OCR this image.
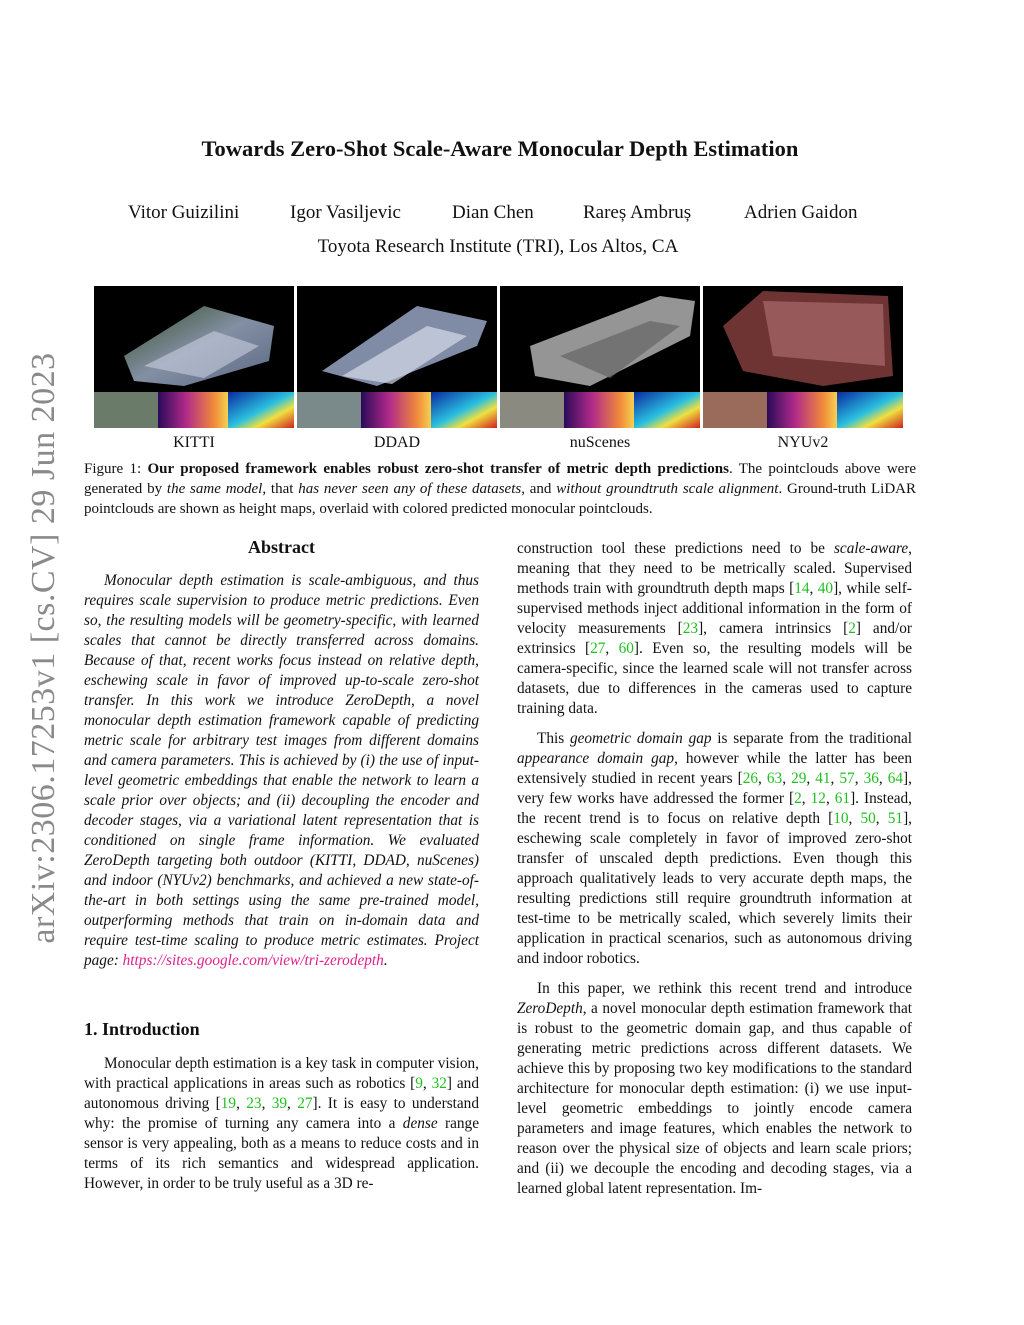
arXiv:2306.17253v1 [cs.CV] 29 Jun 2023
Towards Zero-Shot Scale-Aware Monocular Depth Estimation
Vitor Guizilini	Igor Vasiljevic	Dian Chen	Rareș Ambruș	Adrien Gaidon
Toyota Research Institute (TRI), Los Altos, CA
KITTI	DDAD	nuScenes	NYUv2
Figure 1: Our proposed framework enables robust zero-shot transfer of metric depth predictions. The pointclouds above were generated by the same model, that has never seen any of these datasets, and without groundtruth scale alignment. Ground-truth LiDAR pointclouds are shown as height maps, overlaid with colored predicted monocular pointclouds.
Abstract

Monocular depth estimation is scale-ambiguous, and thus requires scale supervision to produce metric predictions. Even so, the resulting models will be geometry-specific, with learned scales that cannot be directly transferred across domains. Because of that, recent works focus instead on relative depth, eschewing scale in favor of improved up-to-scale zero-shot transfer. In this work we introduce ZeroDepth, a novel monocular depth estimation framework capable of predicting metric scale for arbitrary test images from different domains and camera parameters. This is achieved by (i) the use of input-level geometric embeddings that enable the network to learn a scale prior over objects; and (ii) decoupling the encoder and decoder stages, via a variational latent representation that is conditioned on single frame information. We evaluated ZeroDepth targeting both outdoor (KITTI, DDAD, nuScenes) and indoor (NYUv2) benchmarks, and achieved a new state-of-the-art in both settings using the same pre-trained model, outperforming methods that train on in-domain data and require test-time scaling to produce metric estimates. Project page: https://sites.google.com/view/tri-zerodepth.

1. Introduction

Monocular depth estimation is a key task in computer vision, with practical applications in areas such as robotics [9, 32] and autonomous driving [19, 23, 39, 27]. It is easy to understand why: the promise of turning any camera into a dense range sensor is very appealing, both as a means to reduce costs and in terms of its rich semantics and widespread application. However, in order to be truly useful as a 3D re-

construction tool these predictions need to be scale-aware, meaning that they need to be metrically scaled. Supervised methods train with groundtruth depth maps [14, 40], while self-supervised methods inject additional information in the form of velocity measurements [23], camera intrinsics [2] and/or extrinsics [27, 60]. Even so, the resulting models will be camera-specific, since the learned scale will not transfer across datasets, due to differences in the cameras used to capture training data.

This geometric domain gap is separate from the traditional appearance domain gap, however while the latter has been extensively studied in recent years [26, 63, 29, 41, 57, 36, 64], very few works have addressed the former [2, 12, 61]. Instead, the recent trend is to focus on relative depth [10, 50, 51], eschewing scale completely in favor of improved zero-shot transfer of unscaled depth predictions. Even though this approach qualitatively leads to very accurate depth maps, the resulting predictions still require groundtruth information at test-time to be metrically scaled, which severely limits their application in practical scenarios, such as autonomous driving and indoor robotics.

In this paper, we rethink this recent trend and introduce ZeroDepth, a novel monocular depth estimation framework that is robust to the geometric domain gap, and thus capable of generating metric predictions across different datasets. We achieve this by proposing two key modifications to the standard architecture for monocular depth estimation: (i) we use input-level geometric embeddings to jointly encode camera parameters and image features, which enables the network to reason over the physical size of objects and learn scale priors; and (ii) we decouple the encoding and decoding stages, via a learned global latent representation. Im-
